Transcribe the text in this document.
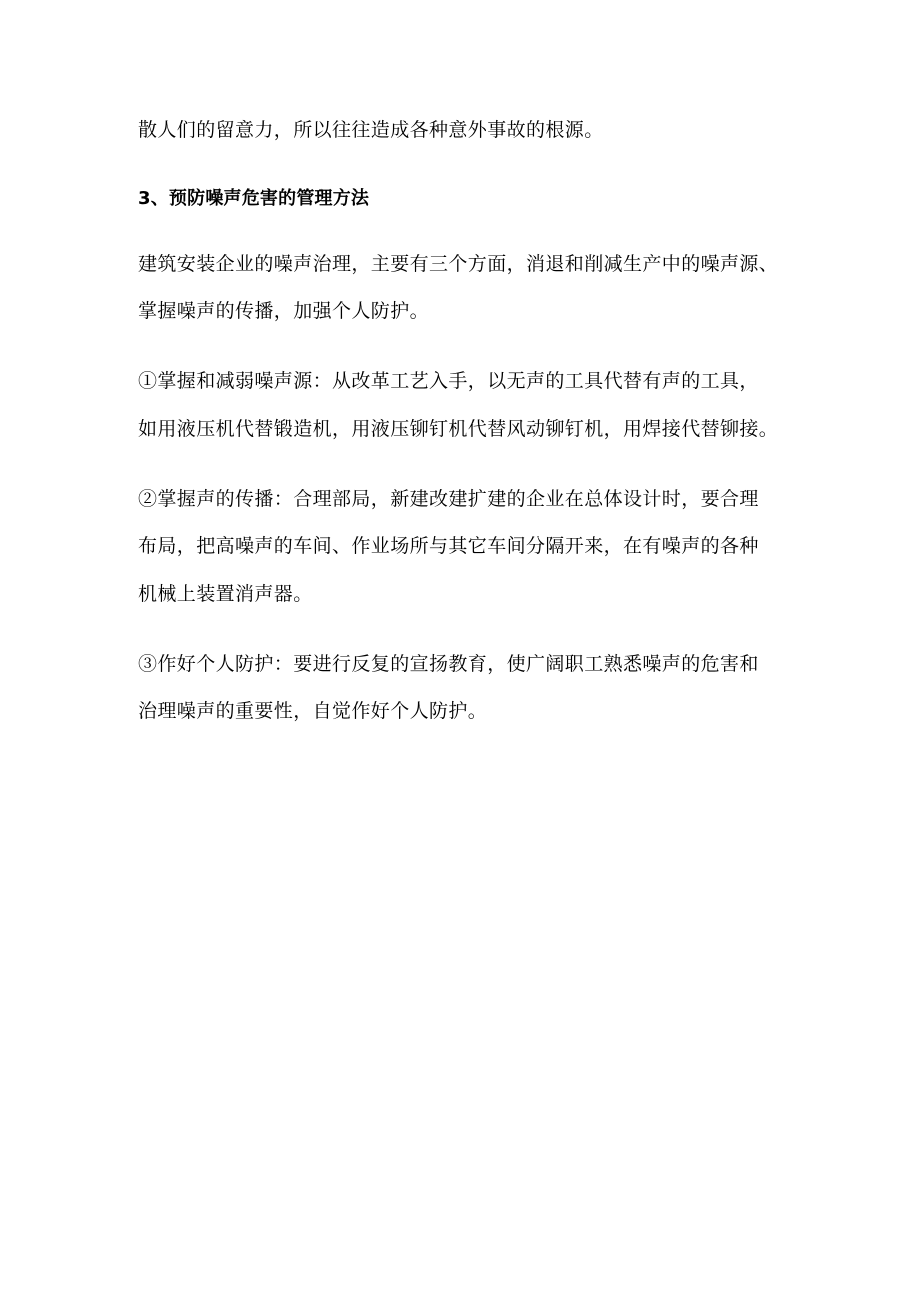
散人们的留意力，所以往往造成各种意外事故的根源。
3、预防噪声危害的管理方法
建筑安装企业的噪声治理，主要有三个方面，消退和削减生产中的噪声源、
掌握噪声的传播，加强个人防护。
①掌握和减弱噪声源：从改革工艺入手，以无声的工具代替有声的工具，
如用液压机代替锻造机，用液压铆钉机代替风动铆钉机，用焊接代替铆接。
②掌握声的传播：合理部局，新建改建扩建的企业在总体设计时，要合理
布局，把高噪声的车间、作业场所与其它车间分隔开来，在有噪声的各种
机械上装置消声器。
③作好个人防护：要进行反复的宣扬教育，使广阔职工熟悉噪声的危害和
治理噪声的重要性，自觉作好个人防护。
